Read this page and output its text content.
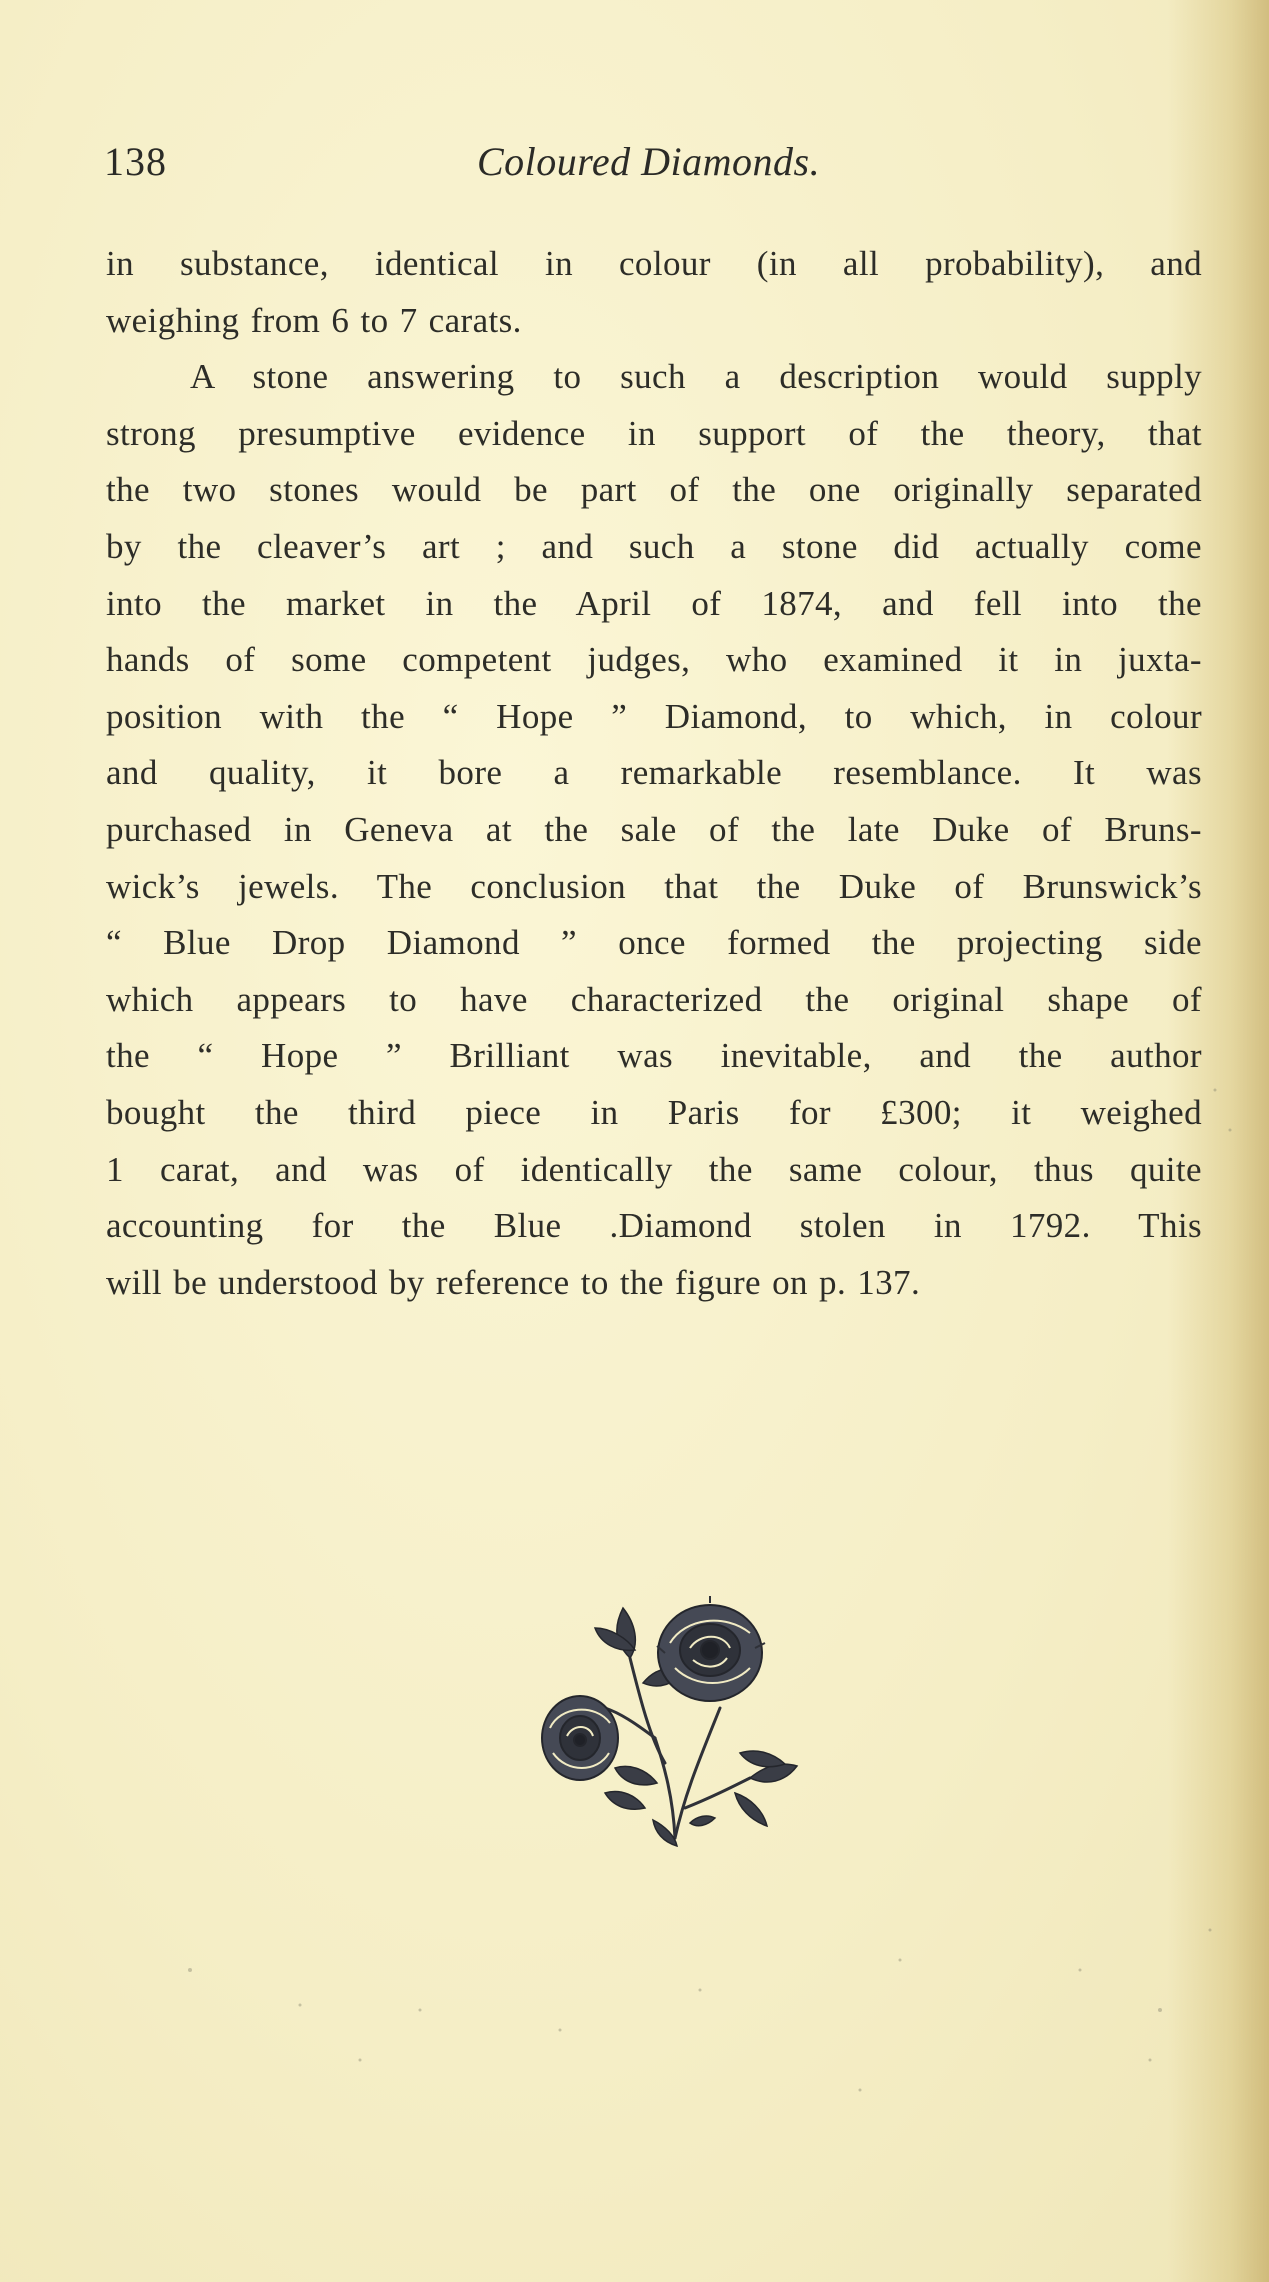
138	Coloured Diamonds.
in substance, identical in colour (in all probability), and
weighing from 6 to 7 carats.
A stone answering to such a description would supply
strong presumptive evidence in support of the theory, that
the two stones would be part of the one originally separated
by the cleaver’s art ; and such a stone did actually come
into the market in the April of 1874, and fell into the
hands of some competent judges, who examined it in juxta-
position with the “ Hope ” Diamond, to which, in colour
and quality, it bore a remarkable resemblance. It was
purchased in Geneva at the sale of the late Duke of Bruns-
wick’s jewels. The conclusion that the Duke of Brunswick’s
“ Blue Drop Diamond ” once formed the projecting side
which appears to have characterized the original shape of
the “ Hope ” Brilliant was inevitable, and the author
bought the third piece in Paris for £300; it weighed
1 carat, and was of identically the same colour, thus quite
accounting for the Blue .Diamond stolen in 1792. This
will be understood by reference to the figure on p. 137.
